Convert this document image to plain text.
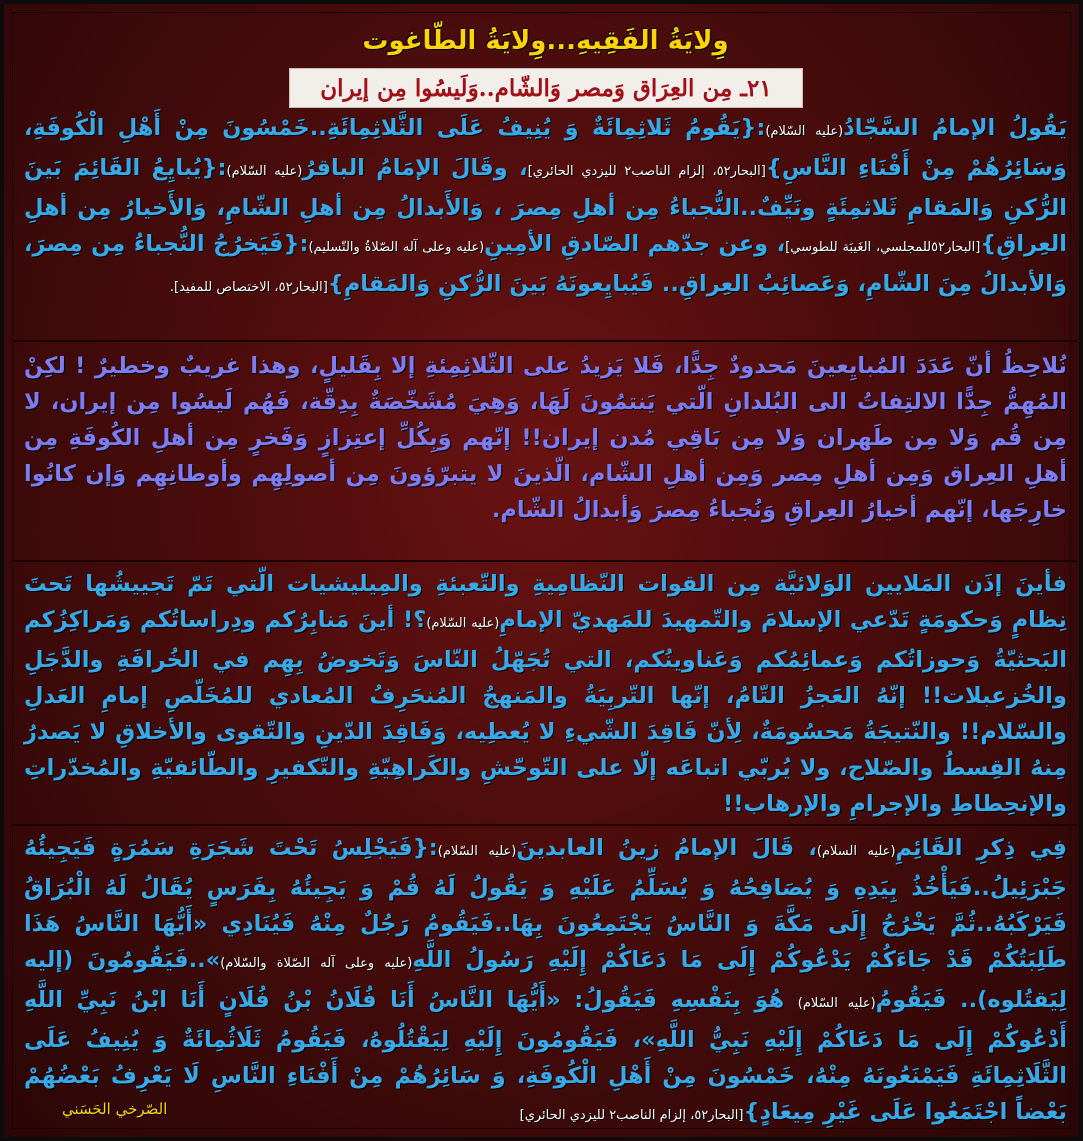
وِلايَةُ الفَقِيهِ...وِلايَةُ الطّاغوت
٢١ـ مِن العِرَاق وَمصر وَالشّام..وَلَيسُوا مِن إيران
يَقُولُ الإمامُ السَّجّادُ(عليه السّلام):{يَقُومُ ثَلاثِمِائَةٌ وَ يُنِيفُ عَلَى الثَّلاثِمِائَةِ..خَمْسُونَ مِنْ أَهْلِ الْكُوفَةِ، وَسَائِرُهُمْ مِنْ أَفْنَاءِ النَّاسِ}[البحار٥٢، إلزام الناصب٢ لليزدي الحائري]، وقَالَ الإمَامُ الباقرُ(عليه السّلام):{يُبايِعُ القَائِمَ بَينَ الرُّكنِ وَالمَقامِ ثَلاثمِئَةٍ ونَيِّفٌ..النُّجباءُ مِن أهلِ مِصرَ ، وَالأَبدالُ مِن أهلِ الشّامِ، وَالأَخيارُ مِن أهلِ العِراقِ}[البحار٥٢للمجلسي، الغَيبَة للطوسي]، وعن جدّهم الصّادقِ الأمِينِ(عليه وعلى آله الصّلاةُ والتّسليم):{فَيَخرُجُ النُّجباءُ مِن مِصرَ، وَالأبدالُ مِنَ الشّامِ، وَعَصائِبُ العِراقِ.. فَيُبايِعونَهُ بَينَ الرُّكنِ وَالمَقامِ}[البحار٥٢، الاختصاص للمفيد].
نُلاحِظُ أنّ عَدَدَ المُبايِعينَ مَحدودٌ جِدًّا، فَلا يَزيدُ على الثّلاثِمِئةِ إلا بِقَليلٍ، وهذا غريبٌ وخطيرٌ ! لكِنْ المُهِمُّ جِدًّا الالتِفاتُ الى البُلدانِ الّتي يَنتمُونَ لَهَا، وَهِيَ مُشَخّصَةٌ بِدِقّة، فَهُم لَيسُوا مِن إيران، لا مِن قُم وَلا مِن طَهران وَلا مِن بَاقِي مُدن إيران!! إنّهم وَبِكُلِّ إعتِزازٍ وَفَخرٍ مِن أهلِ الكُوفَةِ مِن أهلِ العِراق وَمِن أهلِ مِصر وَمِن أهلِ الشّام، الّذينَ لا يتبرّؤونَ مِن أصولِهِم وأوطانِهِم وَإن كانُوا خارِجَها، إنّهم أخيارُ العِراقِ وَنُجباءُ مِصرَ وَأبدالُ الشّام.
فأينَ إذَن المَلايين الوَلائيَّة مِن القوات النّظامِيةِ والتّعبئةِ والمِيليشيات الّتي تَمّ تَجييشُها تَحتَ نِظامٍ وَحكومَةٍ تَدّعي الإسلامَ والتّمهيدَ للمَهديّ الإمامِ(عليه السّلام)؟! أينَ مَنابِرُكم ودِراساتُكم وَمَراكِزُكم البَحثيّةُ وَحوزاتُكم وَعمائِمُكم وَعَناوينُكم، التي تُجَهّلُ النّاسَ وَتَخوضُ بِهِم في الخُرافَةِ والدَّجَلِ والخُزعبلات!! إنّهُ العَجزُ التّامُ، إنّها التّربِيَةُ والمَنهجُ المُنحَرِفُ المُعادي للمُخَلّصِ إمامِ العَدلِ والسّلام!! والنّتيجَةُ مَحسُومَةٌ، لِأنّ فَاقِدَ الشّيءِ لا يُعطِيه، وَفَاقِدَ الدّينِ والتّقوى والأخلاقِ لا يَصدرُ مِنهُ القِسطُ والصّلاح، ولا يُربّي اتباعَه إلّا على التّوحّشِ والكَراهِيّةِ والتّكفيرِ والطّائفيّةِ والمُخدّراتِ والإنحِطاطِ والإجرامِ والإرهاب!!
فِي ذِكرِ القَائِمِ(عليه السلام)، قَالَ الإمامُ زينُ العابدينَ(عليه السّلام):{فَيَجْلِسُ تَحْتَ شَجَرَةِ سَمُرَةٍ فَيَجِيئُهُ جَبْرَئِيلُ..فَيَأْخُذُ بِيَدِهِ وَ يُصَافِحُهُ وَ يُسَلِّمُ عَلَيْهِ وَ يَقُولُ لَهُ قُمْ وَ يَجِيئُهُ بِفَرَسٍ يُقَالُ لَهُ الْبُرَاقُ فَيَرْكَبُهُ..ثُمَّ يَخْرُجُ إِلَى مَكَّةَ وَ النَّاسُ يَجْتَمِعُونَ بِهَا..فَيَقُومُ رَجُلٌ مِنْهُ فَيُنَادِي «أَيُّهَا النَّاسُ هَذَا طَلِبَتُكُمْ قَدْ جَاءَكُمْ يَدْعُوكُمْ إِلَى مَا دَعَاكُمْ إِلَيْهِ رَسُولُ اللَّهِ(عليه وعلى آله الصّلاة والسّلام)»..فَيَقُومُونَ (إليه لِيَقتُلوه).. فَيَقُومُ(عليه السّلام) هُوَ بِنَفْسِهِ فَيَقُولُ: «أَيُّهَا النَّاسُ أَنَا فُلَانُ بْنُ فُلَانٍ أَنَا ابْنُ نَبِيِّ اللَّهِ أَدْعُوكُمْ إِلَى مَا دَعَاكُمْ إِلَيْهِ نَبِيُّ اللَّهِ»، فَيَقُومُونَ إِلَيْهِ لِيَقْتُلُوهُ، فَيَقُومُ ثَلَاثُمِائَةٌ وَ يُنِيفُ عَلَى الثَّلَاثِمِائَةِ فَيَمْنَعُونَهُ مِنْهُ، خَمْسُونَ مِنْ أَهْلِ الْكُوفَةِ، وَ سَائِرُهُمْ مِنْ أَفْنَاءِ النَّاسِ لَا يَعْرِفُ بَعْضُهُمْ بَعْضاً اجْتَمَعُوا عَلَى غَيْرِ مِيعَادٍ}[البحار٥٢، إلزام الناصب٢ لليزدي الحائري]
الصّرخي الحَسَني
